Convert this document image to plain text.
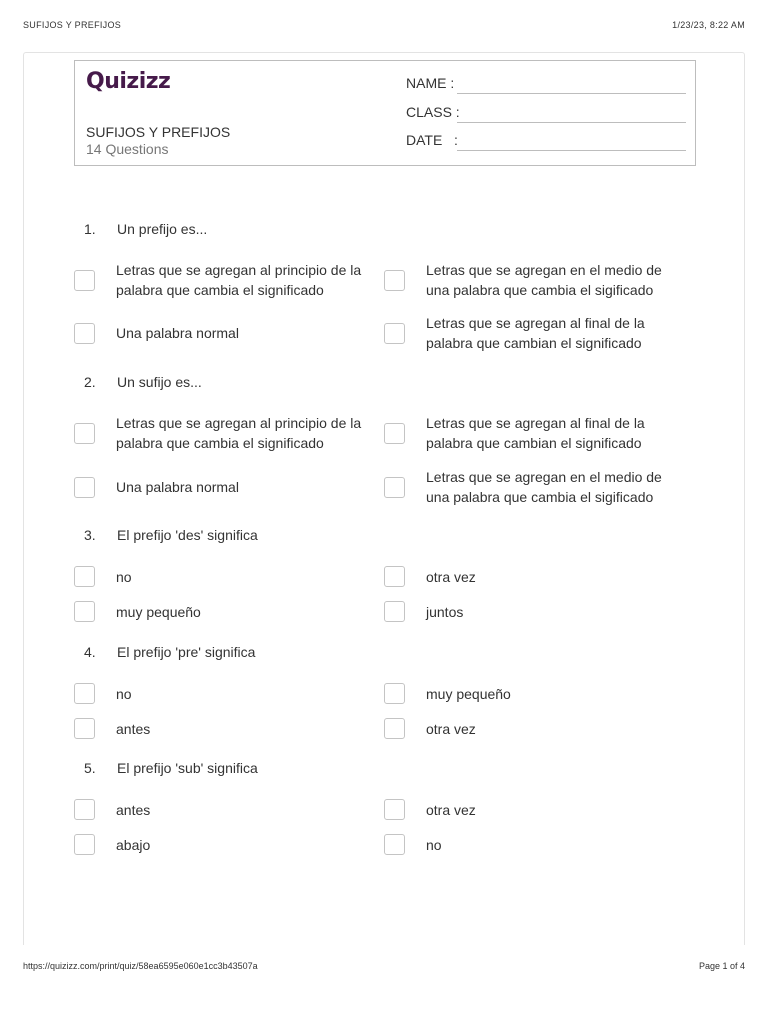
SUFIJOS Y PREFIJOS	1/23/23, 8:22 AM
Quizizz
SUFIJOS Y PREFIJOS
14 Questions
NAME :
CLASS :
DATE   :
1. Un prefijo es...
Letras que se agregan al principio de la palabra que cambia el significado
Letras que se agregan en el medio de una palabra que cambia el sigificado
Una palabra normal
Letras que se agregan al final de la palabra que cambian el significado
2. Un sufijo es...
Letras que se agregan al principio de la palabra que cambia el significado
Letras que se agregan al final de la palabra que cambian el significado
Una palabra normal
Letras que se agregan en el medio de una palabra que cambia el sigificado
3. El prefijo 'des' significa
no	otra vez
muy pequeño	juntos
4. El prefijo 'pre' significa
no	muy pequeño
antes	otra vez
5. El prefijo 'sub' significa
antes	otra vez
abajo	no
https://quizizz.com/print/quiz/58ea6595e060e1cc3b43507a	Page 1 of 4
